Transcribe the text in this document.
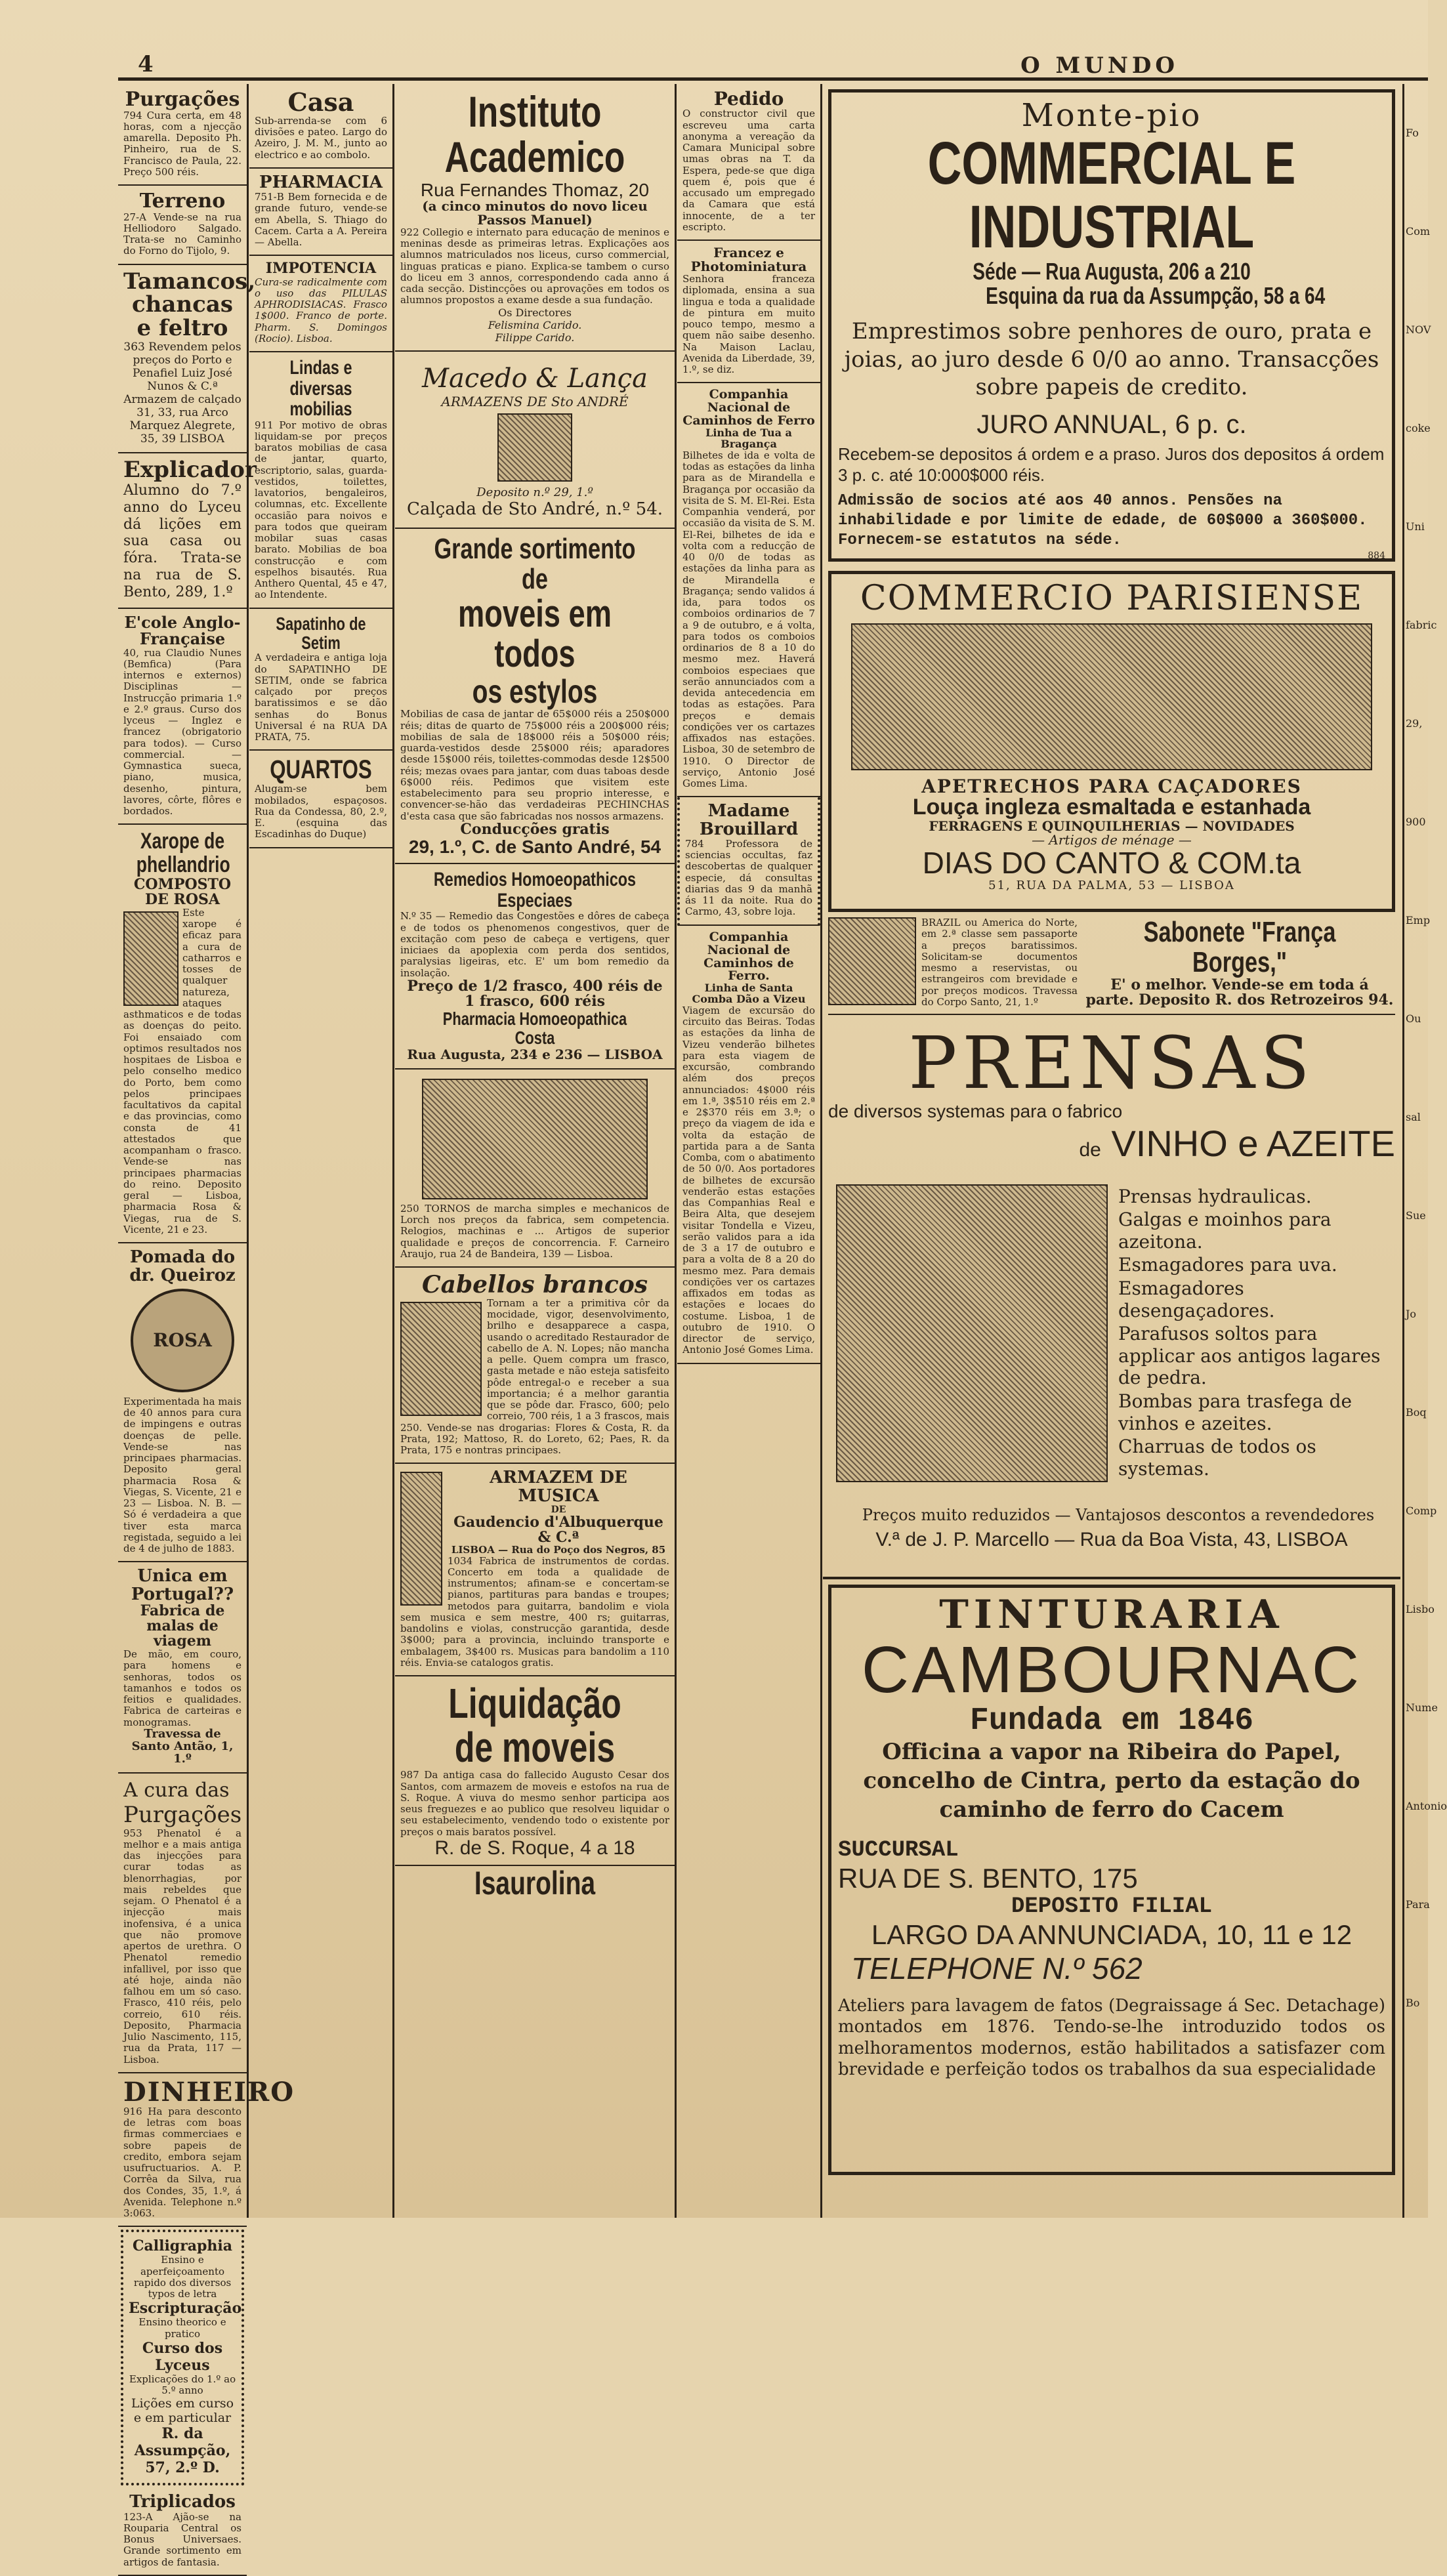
4	O MUNDO
Purgações
794 Cura certa, em 48 horas, com a njecção amarella. Deposito Ph. Pinheiro, rua de S. Francisco de Paula, 22. Preço 500 réis.
Terreno
27-A Vende-se na rua Helliodoro Salgado. Trata-se no Caminho do Forno do Tijolo, 9.
Tamancos, chancas e feltro
363 Revendem pelos preços do Porto e Penafiel Luiz José Nunos & C.ª Armazem de calçado 31, 33, rua Arco Marquez Alegrete, 35, 39 LISBOA
Explicador
Alumno do 7.º anno do Lyceu dá lições em sua casa ou fóra. Trata-se na rua de S. Bento, 289, 1.º
E'cole Anglo-Française
40, rua Claudio Nunes (Bemfica) (Para internos e externos) Disciplinas — Instrucção primaria 1.º e 2.º graus. Curso dos lyceus — Inglez e francez (obrigatorio para todos). — Curso commercial. — Gymnastica sueca, piano, musica, desenho, pintura, lavores, côrte, flôres e bordados.
Xarope de phellandrio
COMPOSTO DE ROSA
Este xarope é eficaz para a cura de catharros e tosses de qualquer natureza, ataques asthmaticos e de todas as doenças do peito. Foi ensaiado com optimos resultados nos hospitaes de Lisboa e pelo conselho medico do Porto, bem como pelos principaes facultativos da capital e das provincias, como consta de 41 attestados que acompanham o frasco. Vende-se nas principaes pharmacias do reino. Deposito geral — Lisboa, pharmacia Rosa & Viegas, rua de S. Vicente, 21 e 23.
Pomada do dr. Queiroz
ROSA
Experimentada ha mais de 40 annos para cura de impingens e outras doenças de pelle. Vende-se nas principaes pharmacias. Deposito geral pharmacia Rosa & Viegas, S. Vicente, 21 e 23 — Lisboa. N. B. — Só é verdadeira a que tiver esta marca registada, seguido a lei de 4 de julho de 1883.
Unica em Portugal??
Fabrica de malas de viagem
De mão, em couro, para homens e senhoras, todos os tamanhos e todos os feitios e qualidades. Fabrica de carteiras e monogramas.
Travessa de Santo Antão, 1, 1.º
A cura das
Purgações
953 Phenatol é a melhor e a mais antiga das injecções para curar todas as blenorrhagias, por mais rebeldes que sejam. O Phenatol é a injecção mais inofensiva, é a unica que não promove apertos de urethra. O Phenatol remedio infallivel, por isso que até hoje, ainda não falhou em um só caso. Frasco, 410 réis, pelo correio, 610 réis. Deposito, Pharmacia Julio Nascimento, 115, rua da Prata, 117 — Lisboa.
DINHEIRO
916 Ha para desconto de letras com boas firmas commerciaes e sobre papeis de credito, embora sejam usufructuarios. A. P. Corrêa da Silva, rua dos Condes, 35, 1.º, á Avenida. Telephone n.º 3:063.
Calligraphia
Ensino e aperfeiçoamento rapido dos diversos typos de letra
Escripturação
Ensino theorico e pratico
Curso dos Lyceus
Explicações do 1.º ao 5.º anno
Lições em curso e em particular
R. da Assumpção, 57, 2.º D.
Triplicados
123-A Ajão-se na Rouparia Central os Bonus Universaes. Grande sortimento em artigos de fantasia.
Casa
Sub-arrenda-se com 6 divisões e pateo. Largo do Azeiro, J. M. M., junto ao electrico e ao combolo.
PHARMACIA
751-B Bem fornecida e de grande futuro, vende-se em Abella, S. Thiago do Cacem. Carta a A. Pereira — Abella.
IMPOTENCIA
Cura-se radicalmente com o uso das PILULAS APHRODISIACAS. Frasco 1$000. Franco de porte. Pharm. S. Domingos (Rocio). Lisboa.
Lindas e diversas mobilias
911 Por motivo de obras liquidam-se por preços baratos mobilias de casa de jantar, quarto, escriptorio, salas, guarda-vestidos, toilettes, lavatorios, bengaleiros, columnas, etc. Excellente occasião para noivos e para todos que queiram mobilar suas casas barato. Mobilias de boa construcção e com espelhos bisautés. Rua Anthero Quental, 45 e 47, ao Intendente.
Sapatinho de Setim
A verdadeira e antiga loja do SAPATINHO DE SETIM, onde se fabrica calçado por preços baratissimos e se dão senhas do Bonus Universal é na RUA DA PRATA, 75.
QUARTOS
Alugam-se bem mobilados, espaçosos. Rua da Condessa, 80, 2.º, E. (esquina das Escadinhas do Duque)
Instituto Academico
Rua Fernandes Thomaz, 20
(a cinco minutos do novo liceu Passos Manuel)
922 Collegio e internato para educação de meninos e meninas desde as primeiras letras. Explicações aos alumnos matriculados nos liceus, curso commercial, linguas praticas e piano. Explica-se tambem o curso do liceu em 3 annos, correspondendo cada anno á cada secção. Distincções ou aprovações em todos os alumnos propostos a exame desde a sua fundação.
Os Directores
Felismina Carido.
Filippe Carido.
Macedo & Lança
ARMAZENS DE Sto ANDRÉ
Deposito n.º 29, 1.º
Calçada de Sto André, n.º 54.
Grande sortimento de
moveis em todos
os estylos
Mobilias de casa de jantar de 65$000 réis a 250$000 réis; ditas de quarto de 75$000 réis a 200$000 réis; mobilias de sala de 18$000 réis a 50$000 réis; guarda-vestidos desde 25$000 réis; aparadores desde 15$000 réis, toilettes-commodas desde 12$500 réis; mezas ovaes para jantar, com duas taboas desde 6$000 réis. Pedimos que visitem este estabelecimento para seu proprio interesse, e convencer-se-hão das verdadeiras PECHINCHAS d'esta casa que são fabricadas nos nossos armazens.
Conducções gratis
29, 1.º, C. de Santo André, 54
Remedios Homoeopathicos Especiaes
N.º 35 — Remedio das Congestões e dôres de cabeça e de todos os phenomenos congestivos, quer de excitação com peso de cabeça e vertigens, quer iniciaes da apoplexia com perda dos sentidos, paralysias ligeiras, etc. E' um bom remedio da insolação.
Preço de 1/2 frasco, 400 réis de 1 frasco, 600 réis
Pharmacia Homoeopathica Costa
Rua Augusta, 234 e 236 — LISBOA
250 TORNOS de marcha simples e mechanicos de Lorch nos preços da fabrica, sem competencia. Relogios, machinas e ... Artigos de superior qualidade e preços de concorrencia. F. Carneiro Araujo, rua 24 de Bandeira, 139 — Lisboa.
Cabellos brancos
Tornam a ter a primitiva côr da mocidade, vigor, desenvolvimento, brilho e desapparece a caspa, usando o acreditado Restaurador de cabello de A. N. Lopes; não mancha a pelle. Quem compra um frasco, gasta metade e não esteja satisfeito pôde entregal-o e receber a sua importancia; é a melhor garantia que se pôde dar. Frasco, 600; pelo correio, 700 réis, 1 a 3 frascos, mais 250. Vende-se nas drogarias: Flores & Costa, R. da Prata, 192; Mattoso, R. do Loreto, 62; Paes, R. da Prata, 175 e nontras principaes.
ARMAZEM DE MUSICA
DE
Gaudencio d'Albuquerque & C.ª
LISBOA — Rua do Poço dos Negros, 85
1034 Fabrica de instrumentos de cordas. Concerto em toda a qualidade de instrumentos; afinam-se e concertam-se pianos, partituras para bandas e troupes; metodos para guitarra, bandolim e viola sem musica e sem mestre, 400 rs; guitarras, bandolins e violas, construcção garantida, desde 3$000; para a provincia, incluindo transporte e embalagem, 3$400 rs. Musicas para bandolim a 110 réis. Envia-se catalogos gratis.
Liquidação
de moveis
987 Da antiga casa do fallecido Augusto Cesar dos Santos, com armazem de moveis e estofos na rua de S. Roque. A viuva do mesmo senhor participa aos seus freguezes e ao publico que resolveu liquidar o seu estabelecimento, vendendo todo o existente por preços o mais baratos possível.
R. de S. Roque, 4 a 18
Isaurolina
Pedido
O constructor civil que escreveu uma carta anonyma a vereação da Camara Municipal sobre umas obras na T. da Espera, pede-se que diga quem é, pois que é accusado um empregado da Camara que está innocente, de a ter escripto.
Francez e Photominiatura
Senhora franceza diplomada, ensina a sua lingua e toda a qualidade de pintura em muito pouco tempo, mesmo a quem não saibe desenho. Na Maison Laclau, Avenida da Liberdade, 39, 1.º, se diz.
Companhia Nacional de Caminhos de Ferro
Linha de Tua a Bragança
Bilhetes de ida e volta de todas as estações da linha para as de Mirandella e Bragança por occasião da visita de S. M. El-Rei. Esta Companhia venderá, por occasião da visita de S. M. El-Rei, bilhetes de ida e volta com a reducção de 40 0/0 de todas as estações da linha para as de Mirandella e Bragança; sendo validos á ida, para todos os comboios ordinarios de 7 a 9 de outubro, e á volta, para todos os comboios ordinarios de 8 a 10 do mesmo mez. Haverá comboios especiaes que serão annunciados com a devida antecedencia em todas as estações. Para preços e demais condições ver os cartazes affixados nas estações. Lisboa, 30 de setembro de 1910. O Director de serviço, Antonio José Gomes Lima.
Madame Brouillard
784 Professora de sciencias occultas, faz descobertas de qualquer especie, dá consultas diarias das 9 da manhã ás 11 da noite. Rua do Carmo, 43, sobre loja.
Companhia Nacional de Caminhos de Ferro.
Linha de Santa Comba Dão a Vizeu
Viagem de excursão do circuito das Beiras. Todas as estações da linha de Vizeu venderão bilhetes para esta viagem de excursão, combrando além dos preços annunciados: 4$000 réis em 1.ª, 3$510 réis em 2.ª e 2$370 réis em 3.ª; o preço da viagem de ida e volta da estação de partida para a de Santa Comba, com o abatimento de 50 0/0. Aos portadores de bilhetes de excursão venderão estas estações das Companhias Real e Beira Alta, que desejem visitar Tondella e Vizeu, serão validos para a ida de 3 a 17 de outubro e para a volta de 8 a 20 do mesmo mez. Para demais condições ver os cartazes affixados em todas as estações e locaes do costume. Lisboa, 1 de outubro de 1910. O director de serviço, Antonio José Gomes Lima.
Monte-pio
COMMERCIAL E INDUSTRIAL
Séde — Rua Augusta, 206 a 210
Esquina da rua da Assumpção, 58 a 64
Emprestimos sobre penhores de ouro, prata e joias, ao juro desde 6 0/0 ao anno. Transacções sobre papeis de credito.
JURO ANNUAL, 6 p. c.
Recebem-se depositos á ordem e a praso. Juros dos depositos á ordem 3 p. c. até 10:000$000 réis.
Admissão de socios até aos 40 annos. Pensões na inhabilidade e por limite de edade, de 60$000 a 360$000. Fornecem-se estatutos na séde.
884
COMMERCIO PARISIENSE
APETRECHOS PARA CAÇADORES
Louça ingleza esmaltada e estanhada
FERRAGENS E QUINQUILHERIAS — NOVIDADES
— Artigos de ménage —
DIAS DO CANTO & COM.ta
51, RUA DA PALMA, 53 — LISBOA
BRAZIL ou America do Norte, em 2.ª classe sem passaporte a preços baratissimos. Solicitam-se documentos mesmo a reservistas, ou estrangeiros com brevidade e por preços modicos. Travessa do Corpo Santo, 21, 1.º
Sabonete "França Borges,"
E' o melhor. Vende-se em toda á parte. Deposito R. dos Retrozeiros 94.
PRENSAS
de diversos systemas para o fabrico
de VINHO e AZEITE
Prensas hydraulicas.
Galgas e moinhos para azeitona.
Esmagadores para uva.
Esmagadores desengaçadores.
Parafusos soltos para applicar aos antigos lagares de pedra.
Bombas para trasfega de vinhos e azeites.
Charruas de todos os systemas.
Preços muito reduzidos — Vantajosos descontos a revendedores
V.ª de J. P. Marcello — Rua da Boa Vista, 43, LISBOA
TINTURARIA
CAMBOURNAC
Fundada em 1846
Officina a vapor na Ribeira do Papel, concelho de Cintra, perto da estação do caminho de ferro do Cacem
SUCCURSAL
RUA DE S. BENTO, 175
DEPOSITO FILIAL
LARGO DA ANNUNCIADA, 10, 11 e 12
TELEPHONE N.º 562
Ateliers para lavagem de fatos (Degraissage á Sec. Detachage) montados em 1876. Tendo-se-lhe introduzido todos os melhoramentos modernos, estão habilitados a satisfazer com brevidade e perfeição todos os trabalhos da sua especialidade
Fo
Com
NOV
coke
Uni
fabric
29,
900
Emp
Ou
sal
Sue
Jo
Boq
Comp
Lisbo
Nume
Antonio
Para
Bo
